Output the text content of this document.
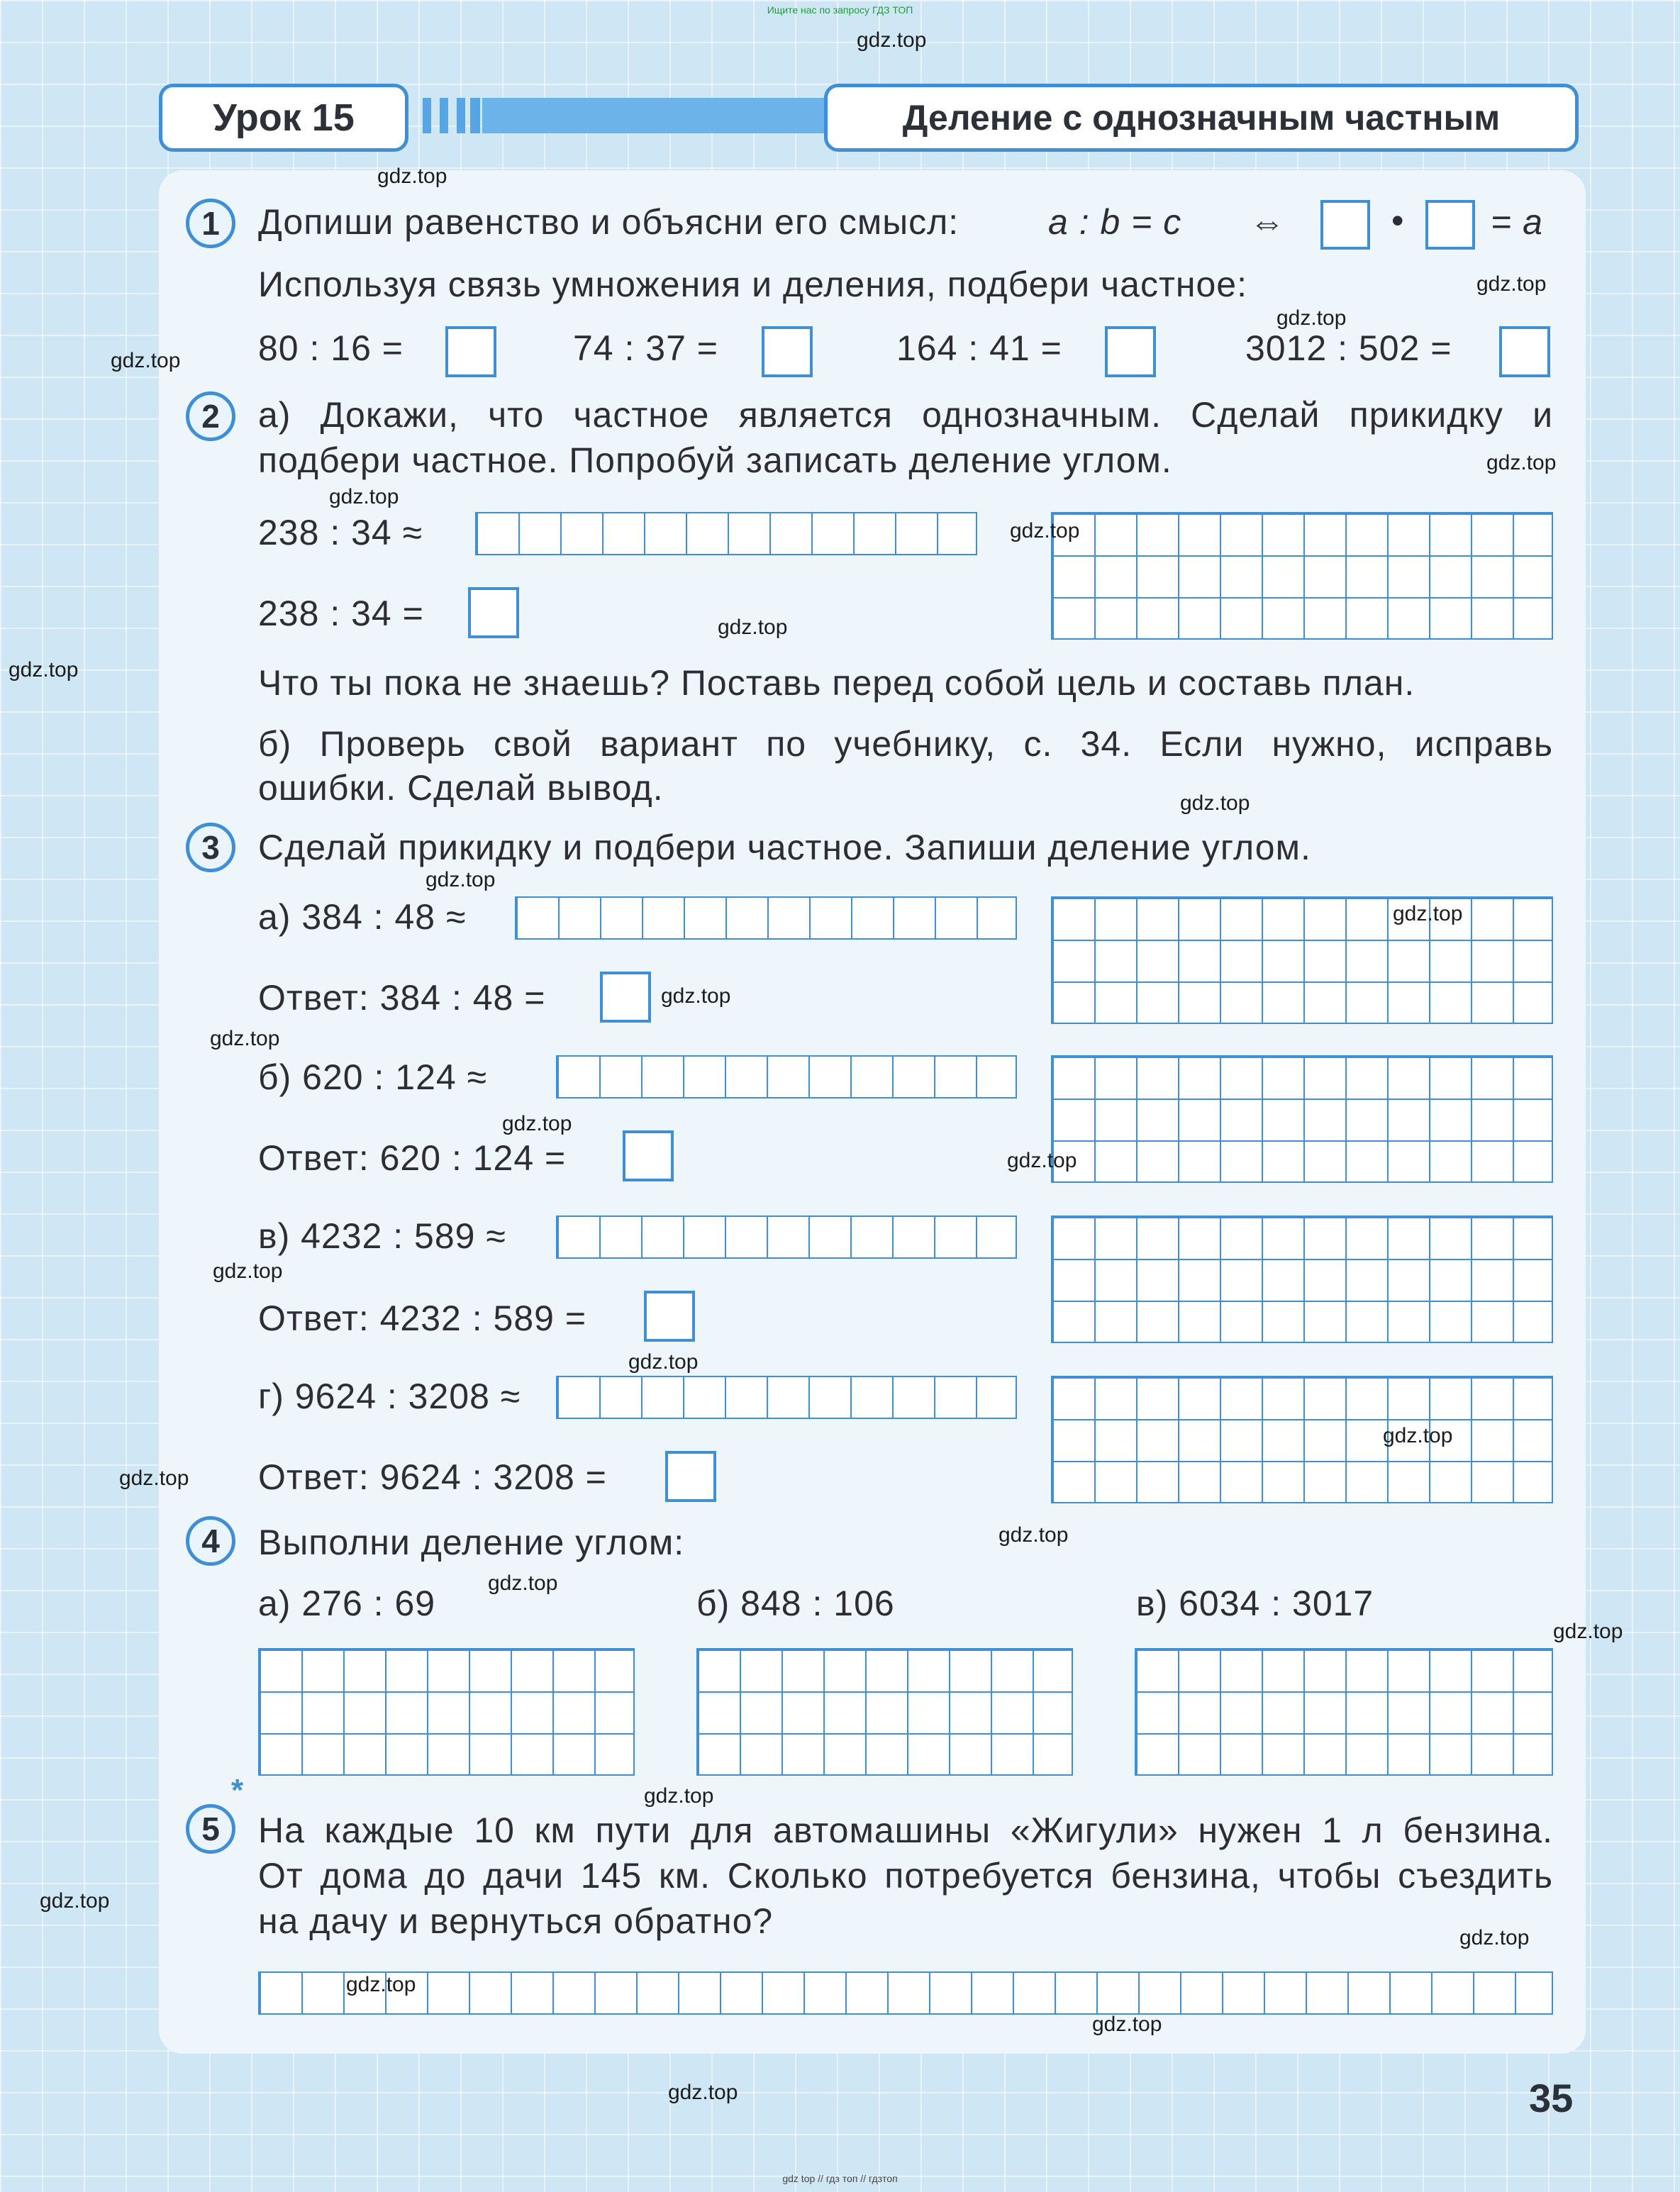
Ищите нас по запросу ГДЗ ТОП
Урок 15	Деление с однозначным частным
1	Допиши равенство и объясни его смысл:	a : b = c ⇔	• = a
Используя связь умножения и деления, подбери частное:
80 : 16 =	74 : 37 =	164 : 41 =	3012 : 502 =
2	а) Докажи, что частное является однозначным. Сделай прикидку и
подбери частное. Попробуй записать деление углом.
238 : 34 ≈
238 : 34 =
Что ты пока не знаешь? Поставь перед собой цель и составь план.
б) Проверь свой вариант по учебнику, с. 34. Если нужно, исправь
ошибки. Сделай вывод.
3	Сделай прикидку и подбери частное. Запиши деление углом.
а) 384 : 48 ≈
Ответ: 384 : 48 =
б) 620 : 124 ≈
Ответ: 620 : 124 =
в) 4232 : 589 ≈
Ответ: 4232 : 589 =
г) 9624 : 3208 ≈
Ответ: 9624 : 3208 =
4	Выполни деление углом:
а) 276 : 69	б) 848 : 106	в) 6034 : 3017
*
5	На каждые 10 км пути для автомашины «Жигули» нужен 1 л бензина.
От дома до дачи 145 км. Сколько потребуется бензина, чтобы съездить
на дачу и вернуться обратно?
35
gdz.top
gdz.top
gdz.top
gdz.top
gdz.top
gdz.top
gdz.top
gdz.top
gdz.top
gdz.top
gdz.top
gdz.top
gdz.top
gdz.top
gdz.top
gdz.top
gdz.top
gdz.top
gdz.top
gdz.top
gdz.top
gdz.top
gdz.top
gdz.top
gdz.top
gdz.top
gdz.top
gdz.top
gdz.top
gdz.top
gdz top // гдз топ // гдзтоп
